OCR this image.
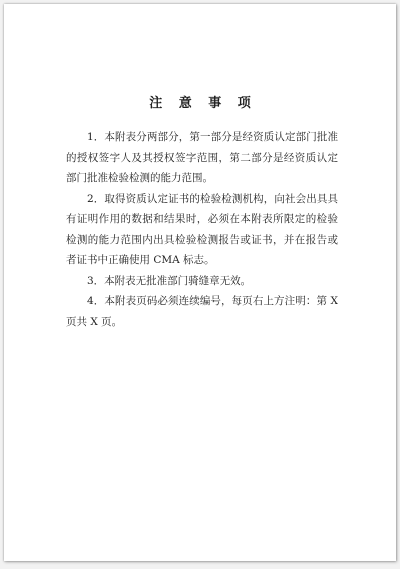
注 意 事 项

1．本附表分两部分，第一部分是经资质认定部门批准的授权签字人及其授权签字范围，第二部分是经资质认定部门批准检验检测的能力范围。

2．取得资质认定证书的检验检测机构，向社会出具具有证明作用的数据和结果时，必须在本附表所限定的检验检测的能力范围内出具检验检测报告或证书，并在报告或者证书中正确使用 CMA 标志。

3．本附表无批准部门骑缝章无效。

4．本附表页码必须连续编号，每页右上方注明：第 X 页共 X 页。
